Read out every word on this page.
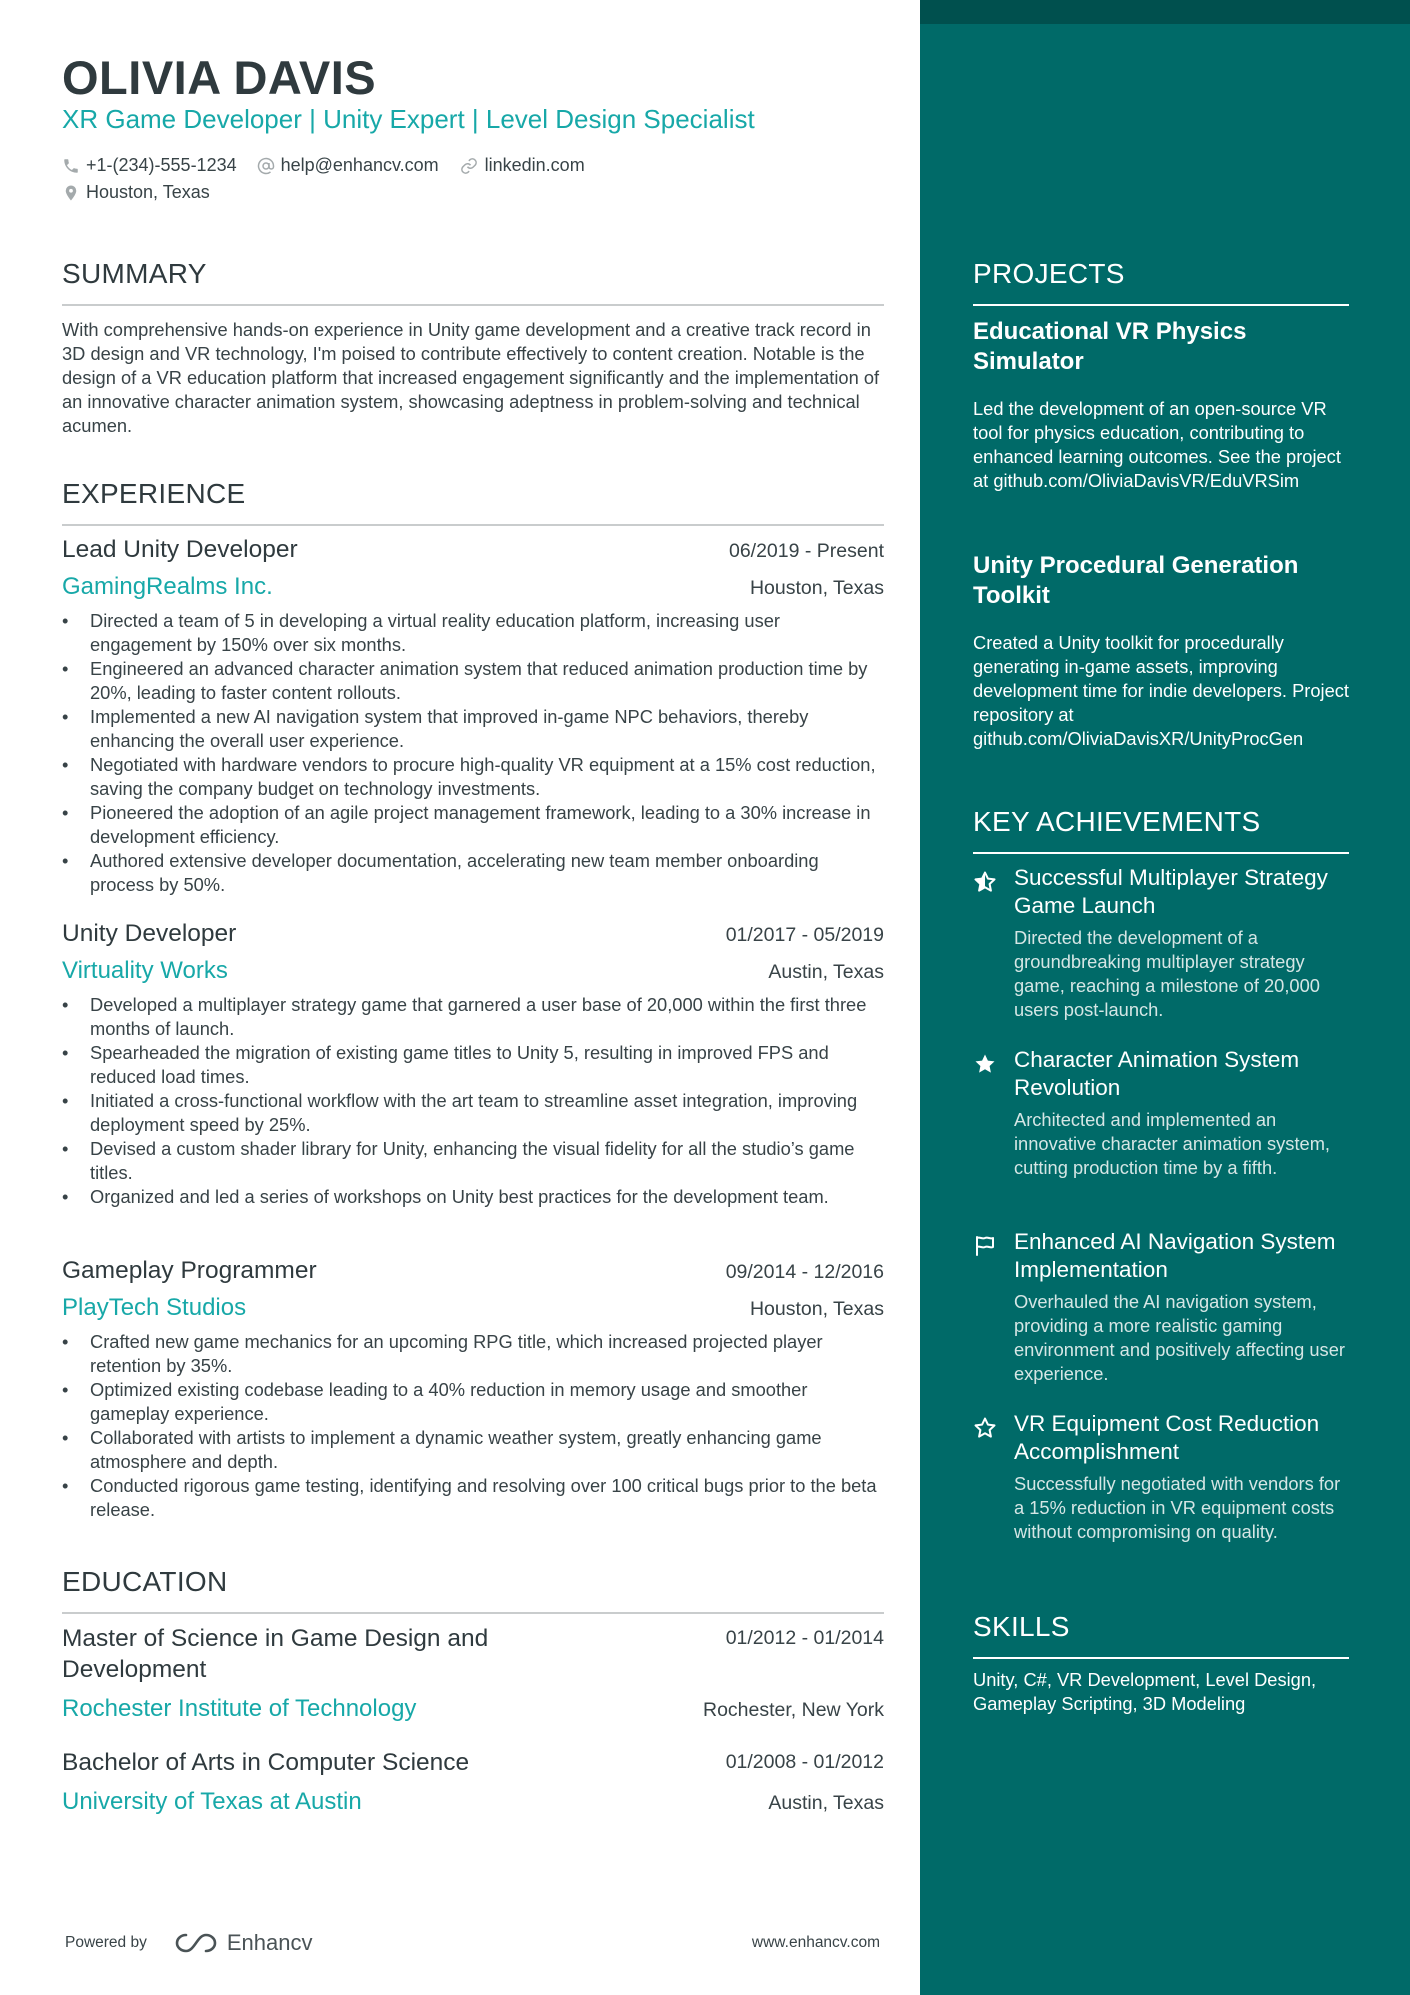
OLIVIA DAVIS
XR Game Developer | Unity Expert | Level Design Specialist
+1-(234)-555-1234 help@enhancv.com	linkedin.com
Houston, Texas
SUMMARY
With comprehensive hands-on experience in Unity game development and a creative track record in 3D design and VR technology, I'm poised to contribute effectively to content creation. Notable is the design of a VR education platform that increased engagement significantly and the implementation of an innovative character animation system, showcasing adeptness in problem-solving and technical acumen.
EXPERIENCE
Lead Unity Developer	06/2019 - Present
GamingRealms Inc.	Houston, Texas
• Directed a team of 5 in developing a virtual reality education platform, increasing user engagement by 150% over six months.
• Engineered an advanced character animation system that reduced animation production time by 20%, leading to faster content rollouts.
• Implemented a new AI navigation system that improved in-game NPC behaviors, thereby enhancing the overall user experience.
• Negotiated with hardware vendors to procure high-quality VR equipment at a 15% cost reduction, saving the company budget on technology investments.
• Pioneered the adoption of an agile project management framework, leading to a 30% increase in development efficiency.
• Authored extensive developer documentation, accelerating new team member onboarding process by 50%.
Unity Developer	01/2017 - 05/2019
Virtuality Works	Austin, Texas
• Developed a multiplayer strategy game that garnered a user base of 20,000 within the first three months of launch.
• Spearheaded the migration of existing game titles to Unity 5, resulting in improved FPS and reduced load times.
• Initiated a cross-functional workflow with the art team to streamline asset integration, improving deployment speed by 25%.
• Devised a custom shader library for Unity, enhancing the visual fidelity for all the studio’s game titles.
• Organized and led a series of workshops on Unity best practices for the development team.
Gameplay Programmer	09/2014 - 12/2016
PlayTech Studios	Houston, Texas
• Crafted new game mechanics for an upcoming RPG title, which increased projected player retention by 35%.
• Optimized existing codebase leading to a 40% reduction in memory usage and smoother gameplay experience.
• Collaborated with artists to implement a dynamic weather system, greatly enhancing game atmosphere and depth.
• Conducted rigorous game testing, identifying and resolving over 100 critical bugs prior to the beta release.
EDUCATION
Master of Science in Game Design and Development
01/2012 - 01/2014
Rochester Institute of Technology	Rochester, New York
Bachelor of Arts in Computer Science	01/2008 - 01/2012
University of Texas at Austin	Austin, Texas
Powered by	Enhancv	www.enhancv.com
PROJECTS
Educational VR Physics Simulator
Led the development of an open-source VR tool for physics education, contributing to enhanced learning outcomes. See the project at github.com/OliviaDavisVR/EduVRSim
Unity Procedural Generation Toolkit
Created a Unity toolkit for procedurally generating in-game assets, improving development time for indie developers. Project repository at github.com/OliviaDavisXR/UnityProcGen
KEY ACHIEVEMENTS
Successful Multiplayer Strategy Game Launch
Directed the development of a groundbreaking multiplayer strategy game, reaching a milestone of 20,000 users post-launch.
Character Animation System Revolution
Architected and implemented an innovative character animation system, cutting production time by a fifth.
Enhanced AI Navigation System Implementation
Overhauled the AI navigation system, providing a more realistic gaming environment and positively affecting user experience.
VR Equipment Cost Reduction Accomplishment
Successfully negotiated with vendors for a 15% reduction in VR equipment costs without compromising on quality.
SKILLS
Unity, C#, VR Development, Level Design, Gameplay Scripting, 3D Modeling
